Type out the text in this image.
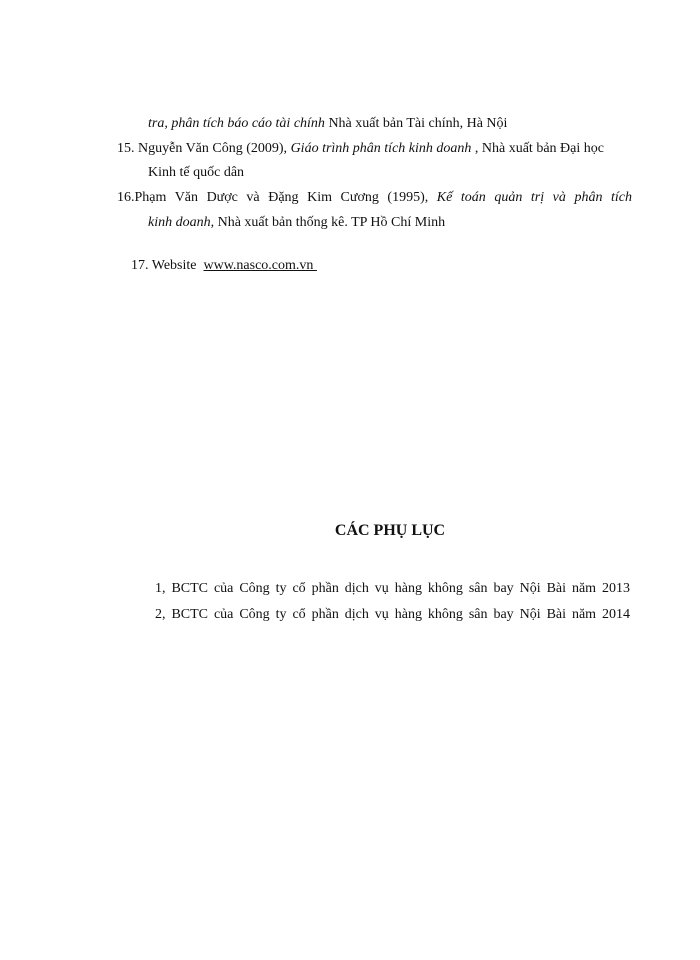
tra, phân tích báo cáo tài chính Nhà xuất bản Tài chính, Hà Nội
15. Nguyễn Văn Công (2009), Giáo trình phân tích kinh doanh , Nhà xuất bản Đại học
Kinh tế quốc dân
16.Phạm Văn Dược và Đặng Kim Cương (1995), Kế toán quản trị và phân tích
kinh doanh, Nhà xuất bản thống kê. TP Hồ Chí Minh

17. Website  www.nasco.com.vn

CÁC PHỤ LỤC
1, BCTC của Công ty cổ phần dịch vụ hàng không sân bay Nội Bài năm 2013
2, BCTC của Công ty cổ phần dịch vụ hàng không sân bay Nội Bài năm 2014
